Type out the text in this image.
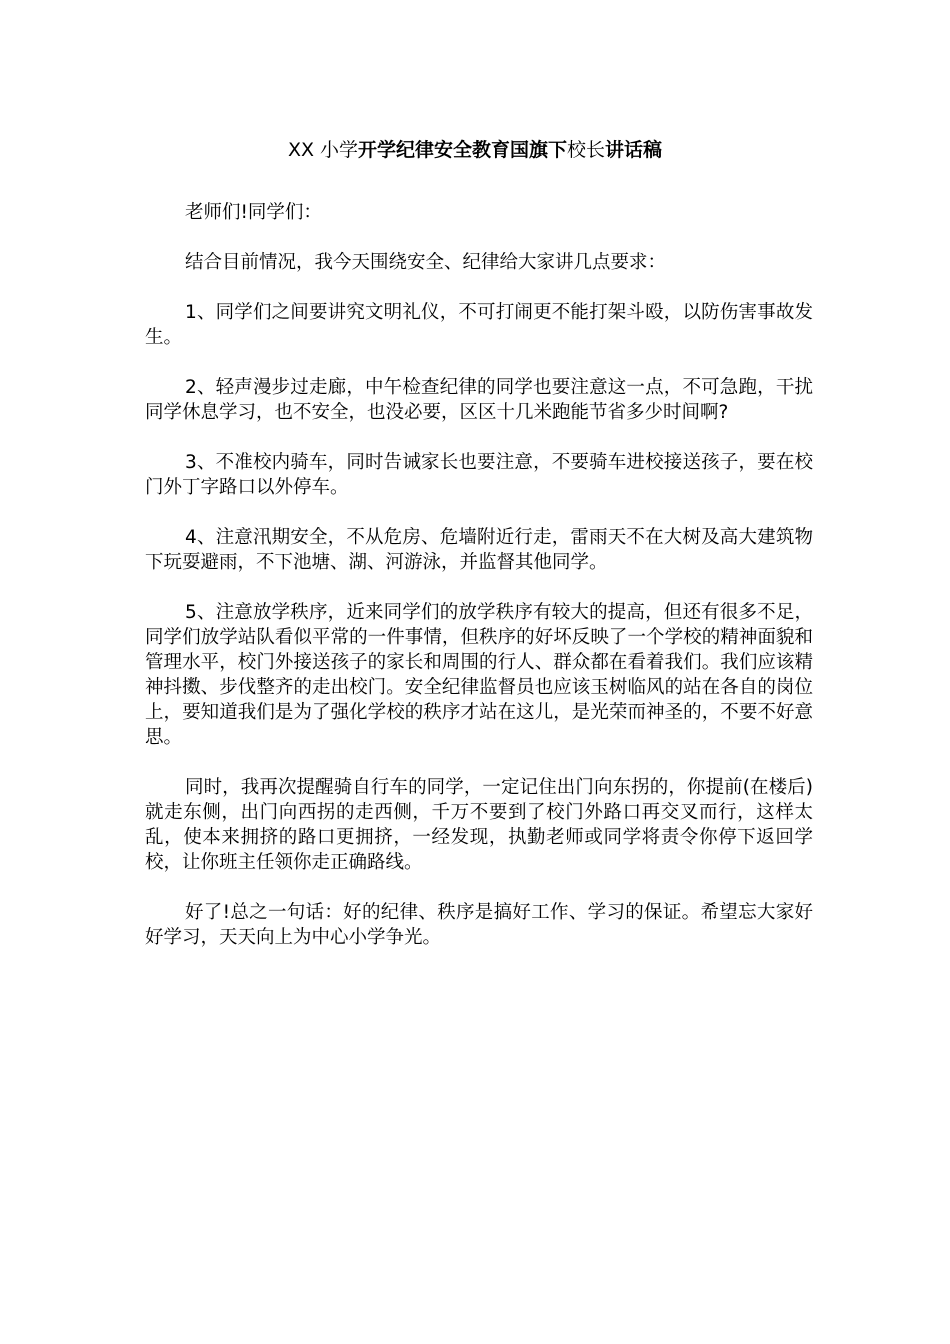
XX 小学开学纪律安全教育国旗下校长讲话稿

老师们!同学们：

结合目前情况，我今天围绕安全、纪律给大家讲几点要求：

1、同学们之间要讲究文明礼仪，不可打闹更不能打架斗殴，以防伤害事故发生。

2、轻声漫步过走廊，中午检查纪律的同学也要注意这一点，不可急跑，干扰同学休息学习，也不安全，也没必要，区区十几米跑能节省多少时间啊?

3、不准校内骑车，同时告诫家长也要注意，不要骑车进校接送孩子，要在校门外丁字路口以外停车。

4、注意汛期安全，不从危房、危墙附近行走，雷雨天不在大树及高大建筑物下玩耍避雨，不下池塘、湖、河游泳，并监督其他同学。

5、注意放学秩序，近来同学们的放学秩序有较大的提高，但还有很多不足，同学们放学站队看似平常的一件事情，但秩序的好坏反映了一个学校的精神面貌和管理水平，校门外接送孩子的家长和周围的行人、群众都在看着我们。我们应该精神抖擞、步伐整齐的走出校门。安全纪律监督员也应该玉树临风的站在各自的岗位上，要知道我们是为了强化学校的秩序才站在这儿，是光荣而神圣的，不要不好意思。

同时，我再次提醒骑自行车的同学，一定记住出门向东拐的，你提前(在楼后)就走东侧，出门向西拐的走西侧，千万不要到了校门外路口再交叉而行，这样太乱，使本来拥挤的路口更拥挤，一经发现，执勤老师或同学将责令你停下返回学校，让你班主任领你走正确路线。

好了!总之一句话：好的纪律、秩序是搞好工作、学习的保证。希望忘大家好好学习，天天向上为中心小学争光。
